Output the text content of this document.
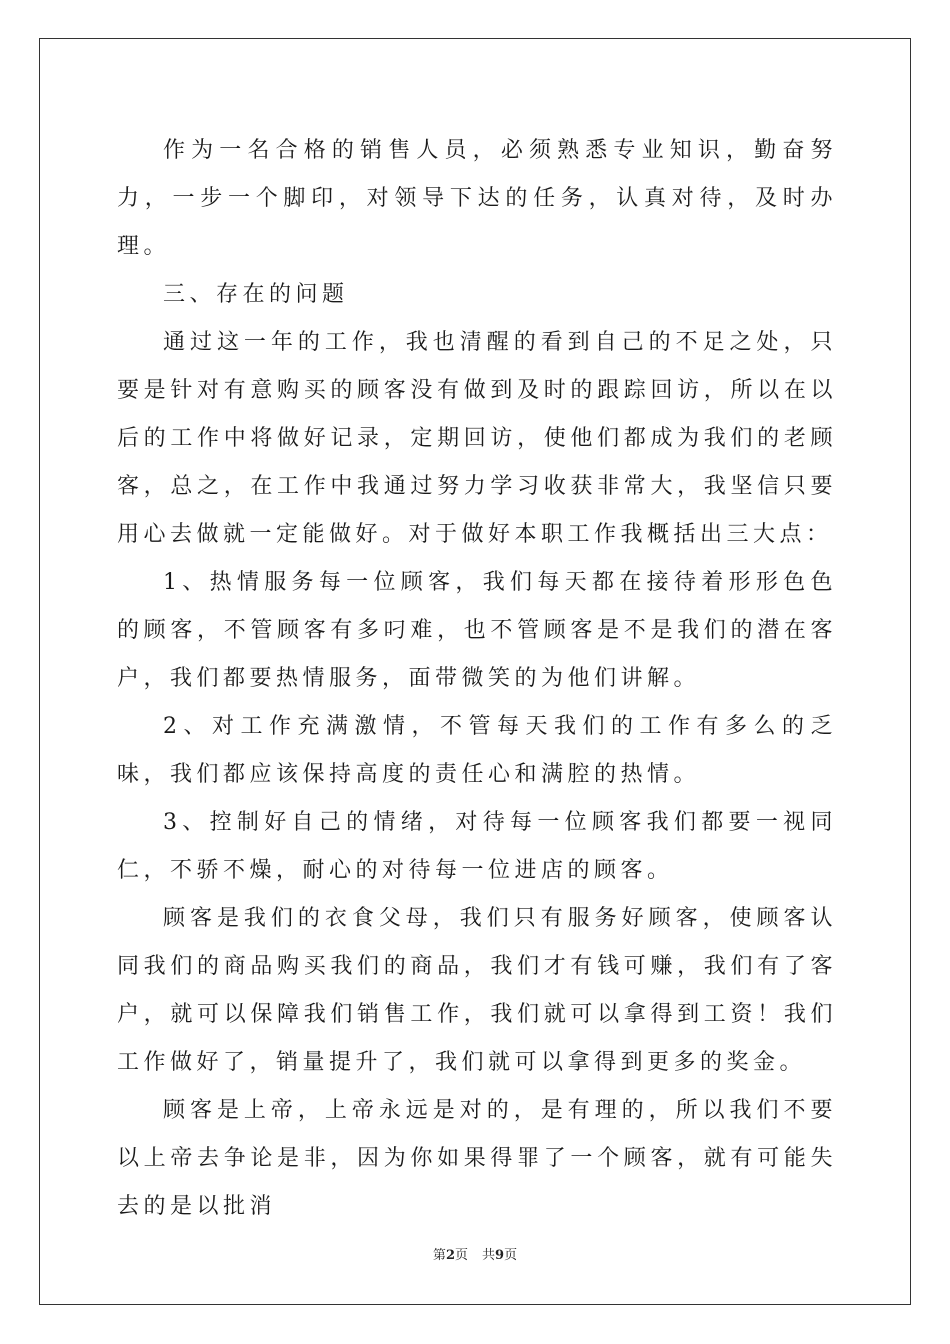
作为一名合格的销售人员，必须熟悉专业知识，勤奋努力，一步一个脚印，对领导下达的任务，认真对待，及时办理。

三、存在的问题

通过这一年的工作，我也清醒的看到自己的不足之处，只要是针对有意购买的顾客没有做到及时的跟踪回访，所以在以后的工作中将做好记录，定期回访，使他们都成为我们的老顾客，总之，在工作中我通过努力学习收获非常大，我坚信只要用心去做就一定能做好。对于做好本职工作我概括出三大点：

1、热情服务每一位顾客，我们每天都在接待着形形色色的顾客，不管顾客有多叼难，也不管顾客是不是我们的潜在客户，我们都要热情服务，面带微笑的为他们讲解。

2、对工作充满激情，不管每天我们的工作有多么的乏味，我们都应该保持高度的责任心和满腔的热情。

3、控制好自己的情绪，对待每一位顾客我们都要一视同仁，不骄不燥，耐心的对待每一位进店的顾客。

顾客是我们的衣食父母，我们只有服务好顾客，使顾客认同我们的商品购买我们的商品，我们才有钱可赚，我们有了客户，就可以保障我们销售工作，我们就可以拿得到工资！我们工作做好了，销量提升了，我们就可以拿得到更多的奖金。

顾客是上帝，上帝永远是对的，是有理的，所以我们不要以上帝去争论是非，因为你如果得罪了一个顾客，就有可能失去的是以批消

第2页 共9页
